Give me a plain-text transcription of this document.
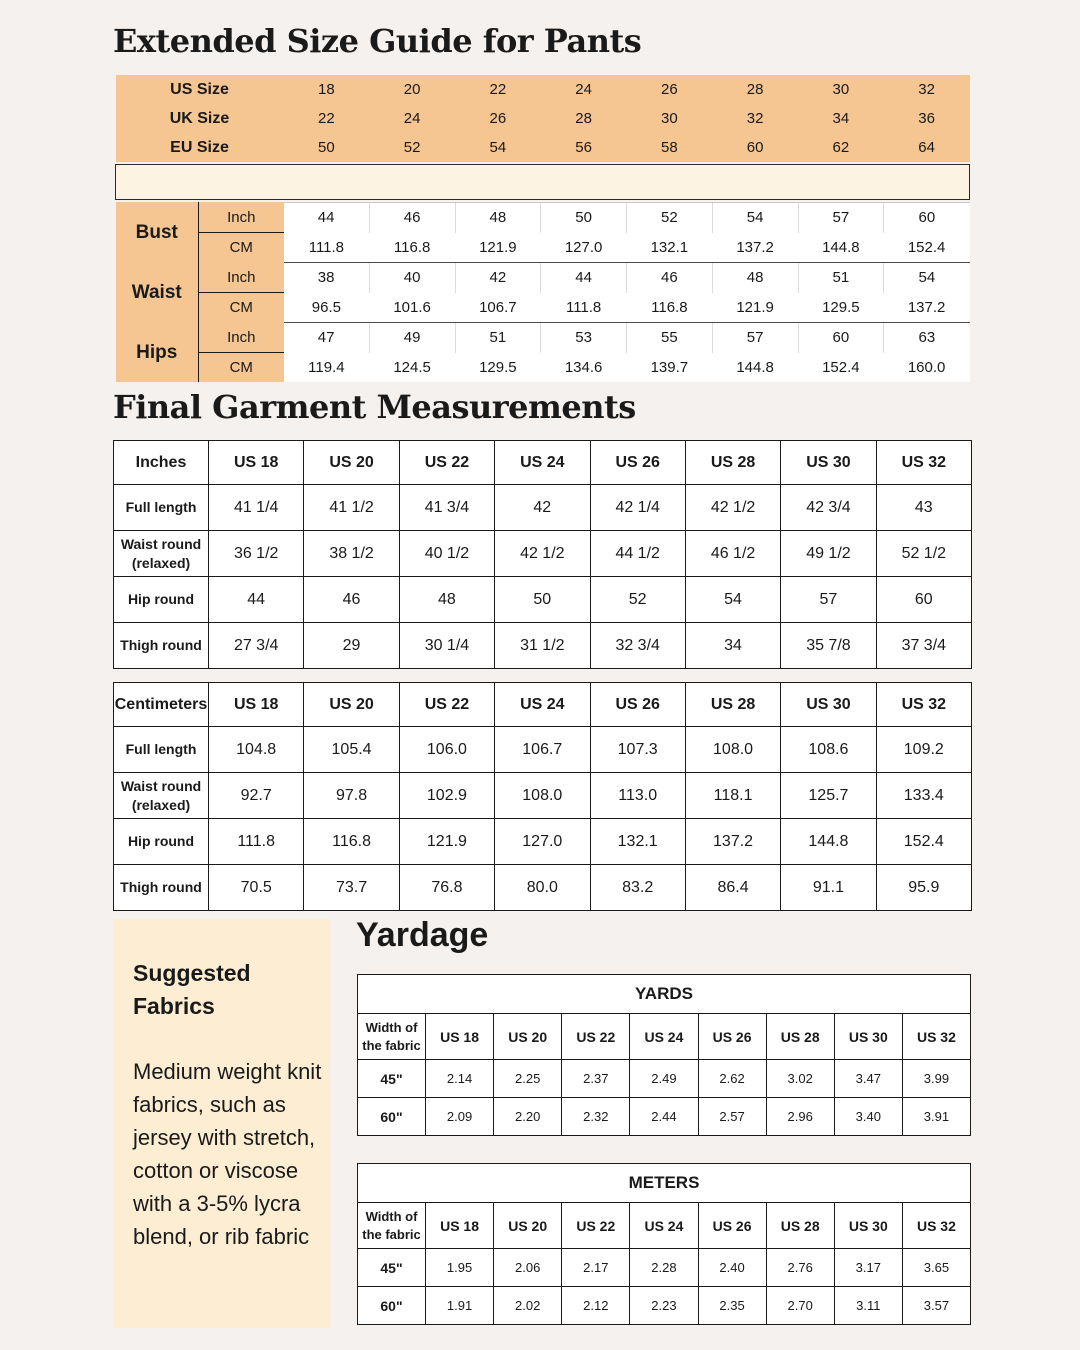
Extended Size Guide for Pants
US Size		18	20	22	24	26	28	30	32
UK Size		22	24	26	28	30	32	34	36
EU Size		50	52	54	56	58	60	62	64

Bust	Inch	44	46	48	50	52	54	57	60
	CM	111.8	116.8	121.9	127.0	132.1	137.2	144.8	152.4
Waist	Inch	38	40	42	44	46	48	51	54
	CM	96.5	101.6	106.7	111.8	116.8	121.9	129.5	137.2
Hips	Inch	47	49	51	53	55	57	60	63
	CM	119.4	124.5	129.5	134.6	139.7	144.8	152.4	160.0
Final Garment Measurements
Inches	US 18	US 20	US 22	US 24	US 26	US 28	US 30	US 32

Full length	41 1/4	41 1/2	41 3/4	42	42 1/4	42 1/2	42 3/4	43

Waist round
(relaxed)	36 1/2	38 1/2	40 1/2	42 1/2	44 1/2	46 1/2	49 1/2	52 1/2

Hip round	44	46	48	50	52	54	57	60

Thigh round	27 3/4	29	30 1/4	31 1/2	32 3/4	34	35 7/8	37 3/4
Centimeters	US 18	US 20	US 22	US 24	US 26	US 28	US 30	US 32

Full length	104.8	105.4	106.0	106.7	107.3	108.0	108.6	109.2

Waist round
(relaxed)	92.7	97.8	102.9	108.0	113.0	118.1	125.7	133.4

Hip round	111.8	116.8	121.9	127.0	132.1	137.2	144.8	152.4

Thigh round	70.5	73.7	76.8	80.0	83.2	86.4	91.1	95.9
Suggested
Fabrics
Medium weight knit fabrics, such as jersey with stretch, cotton or viscose with a 3-5% lycra blend, or rib fabric
Yardage
YARDS								

Width of
the fabric	US 18	US 20	US 22	US 24	US 26	US 28	US 30	US 32
45"	2.14	2.25	2.37	2.49	2.62	3.02	3.47	3.99
60"	2.09	2.20	2.32	2.44	2.57	2.96	3.40	3.91
METERS								

Width of
the fabric	US 18	US 20	US 22	US 24	US 26	US 28	US 30	US 32
45"	1.95	2.06	2.17	2.28	2.40	2.76	3.17	3.65
60"	1.91	2.02	2.12	2.23	2.35	2.70	3.11	3.57
